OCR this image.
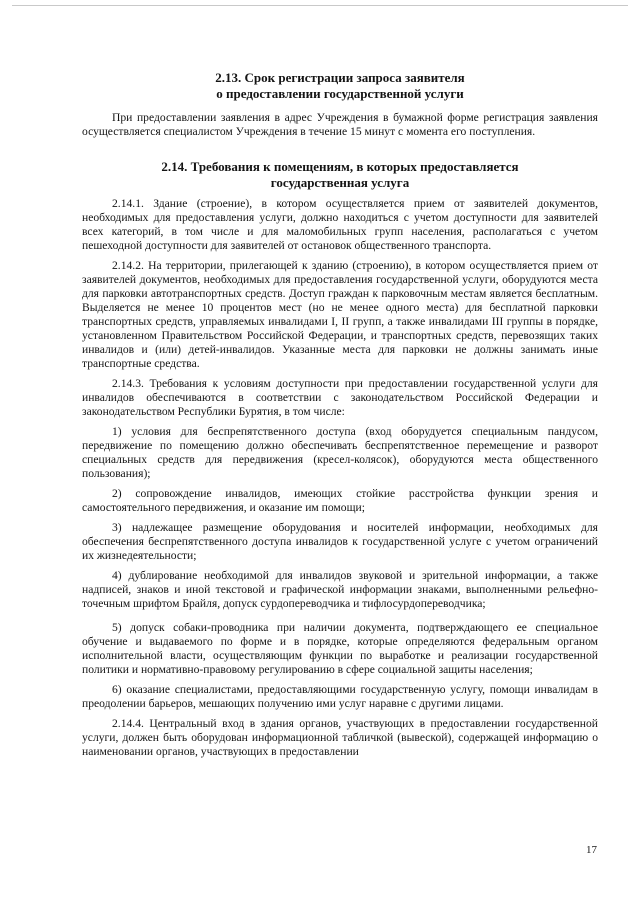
2.13. Срок регистрации запроса заявителя
о предоставлении государственной услуги

При предоставлении заявления в адрес Учреждения в бумажной форме регистрация заявления осуществляется специалистом Учреждения в течение 15 минут с момента его поступления.

2.14. Требования к помещениям, в которых предоставляется
государственная услуга

2.14.1. Здание (строение), в котором осуществляется прием от заявителей документов, необходимых для предоставления услуги, должно находиться с учетом доступности для заявителей всех категорий, в том числе и для маломобильных групп населения, располагаться с учетом пешеходной доступности для заявителей от остановок общественного транспорта.

2.14.2. На территории, прилегающей к зданию (строению), в котором осуществляется прием от заявителей документов, необходимых для предоставления государственной услуги, оборудуются места для парковки автотранспортных средств. Доступ граждан к парковочным местам является бесплатным. Выделяется не менее 10 процентов мест (но не менее одного места) для бесплатной парковки транспортных средств, управляемых инвалидами I, II групп, а также инвалидами III группы в порядке, установленном Правительством Российской Федерации, и транспортных средств, перевозящих таких инвалидов и (или) детей-инвалидов. Указанные места для парковки не должны занимать иные транспортные средства.

2.14.3. Требования к условиям доступности при предоставлении государственной услуги для инвалидов обеспечиваются в соответствии с законодательством Российской Федерации и законодательством Республики Бурятия, в том числе:

1) условия для беспрепятственного доступа (вход оборудуется специальным пандусом, передвижение по помещению должно обеспечивать беспрепятственное перемещение и разворот специальных средств для передвижения (кресел-колясок), оборудуются места общественного пользования);

2) сопровождение инвалидов, имеющих стойкие расстройства функции зрения и самостоятельного передвижения, и оказание им помощи;

3) надлежащее размещение оборудования и носителей информации, необходимых для обеспечения беспрепятственного доступа инвалидов к государственной услуге с учетом ограничений их жизнедеятельности;

4) дублирование необходимой для инвалидов звуковой и зрительной информации, а также надписей, знаков и иной текстовой и графической информации знаками, выполненными рельефно-точечным шрифтом Брайля, допуск сурдопереводчика и тифлосурдопереводчика;

5) допуск собаки-проводника при наличии документа, подтверждающего ее специальное обучение и выдаваемого по форме и в порядке, которые определяются федеральным органом исполнительной власти, осуществляющим функции по выработке и реализации государственной политики и нормативно-правовому регулированию в сфере социальной защиты населения;

6) оказание специалистами, предоставляющими государственную услугу, помощи инвалидам в преодолении барьеров, мешающих получению ими услуг наравне с другими лицами.

2.14.4. Центральный вход в здания органов, участвующих в предоставлении государственной услуги, должен быть оборудован информационной табличкой (вывеской), содержащей информацию о наименовании органов, участвующих в предоставлении

17
